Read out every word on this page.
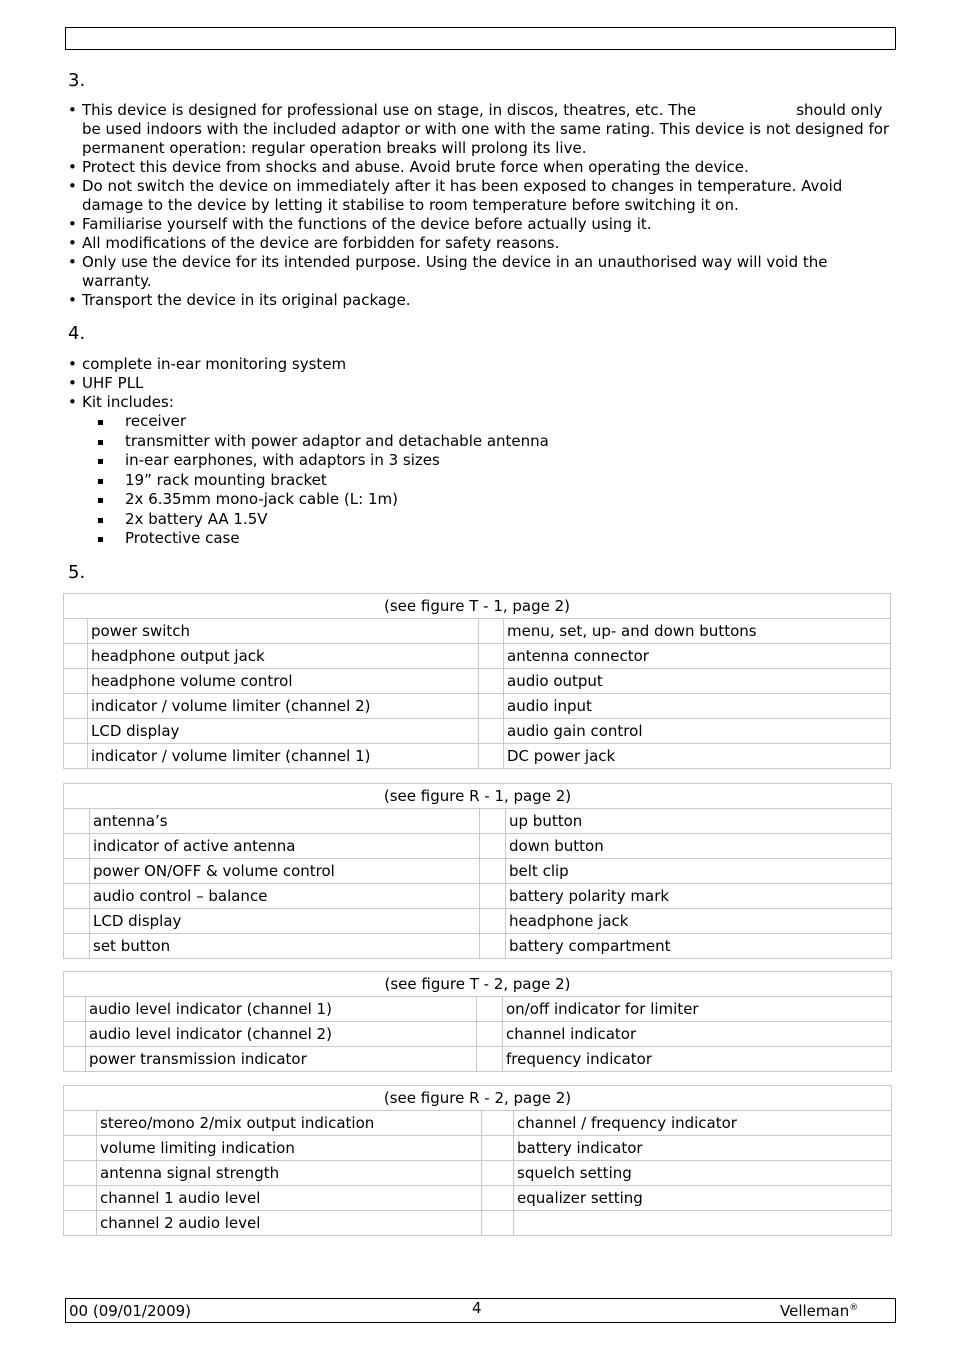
3.
• This device is designed for professional use on stage, in discos, theatres, etc. The                     should only be used indoors with the included adaptor or with one with the same rating. This device is not designed for permanent operation: regular operation breaks will prolong its live.
• Protect this device from shocks and abuse. Avoid brute force when operating the device.
• Do not switch the device on immediately after it has been exposed to changes in temperature. Avoid damage to the device by letting it stabilise to room temperature before switching it on.
• Familiarise yourself with the functions of the device before actually using it.
• All modifications of the device are forbidden for safety reasons.
• Only use the device for its intended purpose. Using the device in an unauthorised way will void the warranty.
• Transport the device in its original package.
4.
• complete in-ear monitoring system
• UHF PLL
• Kit includes:
receiver
transmitter with power adaptor and detachable antenna
in-ear earphones, with adaptors in 3 sizes
19” rack mounting bracket
2x 6.35mm mono-jack cable (L: 1m)
2x battery AA 1.5V
Protective case
5.
(see figure T - 1, page 2)			
	power switch		menu, set, up- and down buttons
	headphone output jack		antenna connector
	headphone volume control		audio output
	indicator / volume limiter (channel 2)		audio input
	LCD display		audio gain control
	indicator / volume limiter (channel 1)		DC power jack
(see figure R - 1, page 2)			
	antenna’s		up button
	indicator of active antenna		down button
	power ON/OFF & volume control		belt clip
	audio control – balance		battery polarity mark
	LCD display		headphone jack
	set button		battery compartment
(see figure T - 2, page 2)			
	audio level indicator (channel 1)		on/off indicator for limiter
	audio level indicator (channel 2)		channel indicator
	power transmission indicator		frequency indicator
(see figure R - 2, page 2)			
	stereo/mono 2/mix output indication		channel / frequency indicator
	volume limiting indication		battery indicator
	antenna signal strength		squelch setting
	channel 1 audio level		equalizer setting
	channel 2 audio level		
00 (09/01/2009)	4	Velleman®
